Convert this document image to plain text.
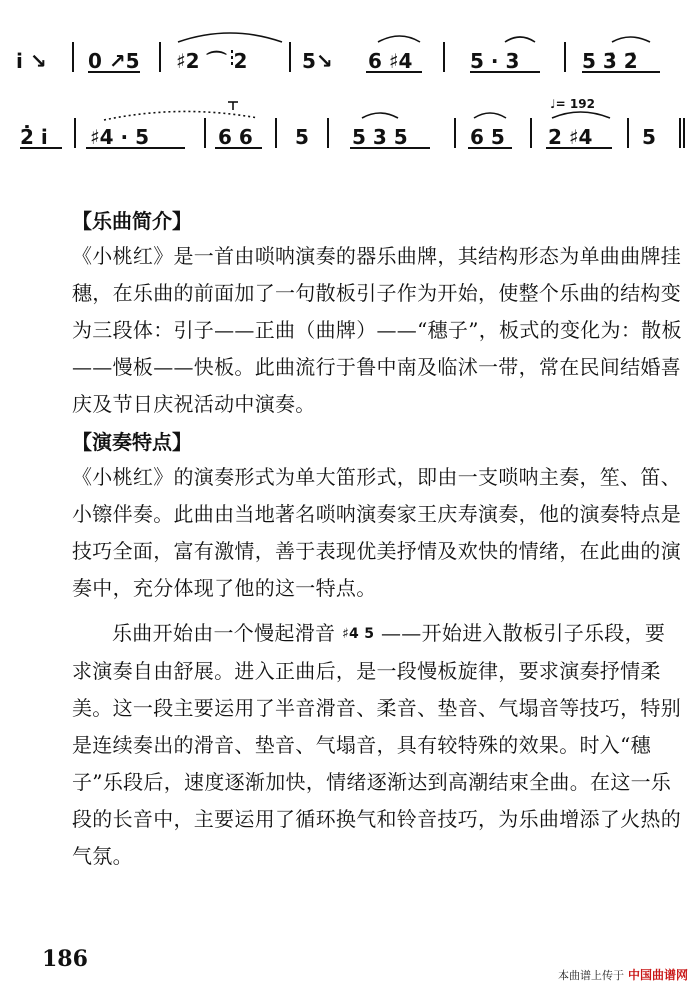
i̇ ↘ 0 ↗5 ♯2 ⌒ 2	5↘ 6 ♯4	5 · 3	5 3̇ 2̇
♩= 192
2̇ i̇ ♯4 · 5	6 6 5 5 3 5	6 5 2 ♯4 5
【乐曲简介】
《小桃红》是一首由唢呐演奏的器乐曲牌，其结构形态为单曲曲牌挂穗，在乐曲的前面加了一句散板引子作为开始，使整个乐曲的结构变为三段体：引子——正曲（曲牌）——“穗子”，板式的变化为：散板——慢板——快板。此曲流行于鲁中南及临沭一带，常在民间结婚喜庆及节日庆祝活动中演奏。
【演奏特点】
《小桃红》的演奏形式为单大笛形式，即由一支唢呐主奏，笙、笛、小镲伴奏。此曲由当地著名唢呐演奏家王庆寿演奏，他的演奏特点是技巧全面，富有激情，善于表现优美抒情及欢快的情绪，在此曲的演奏中，充分体现了他的这一特点。
乐曲开始由一个慢起滑音 ♯4 5 ——开始进入散板引子乐段，要求演奏自由舒展。进入正曲后，是一段慢板旋律，要求演奏抒情柔美。这一段主要运用了半音滑音、柔音、垫音、气塌音等技巧，特别是连续奏出的滑音、垫音、气塌音，具有较特殊的效果。时入“穗子”乐段后，速度逐渐加快，情绪逐渐达到高潮结束全曲。在这一乐段的长音中，主要运用了循环换气和铃音技巧，为乐曲增添了火热的气氛。
186
本曲谱上传于 中国曲谱网
